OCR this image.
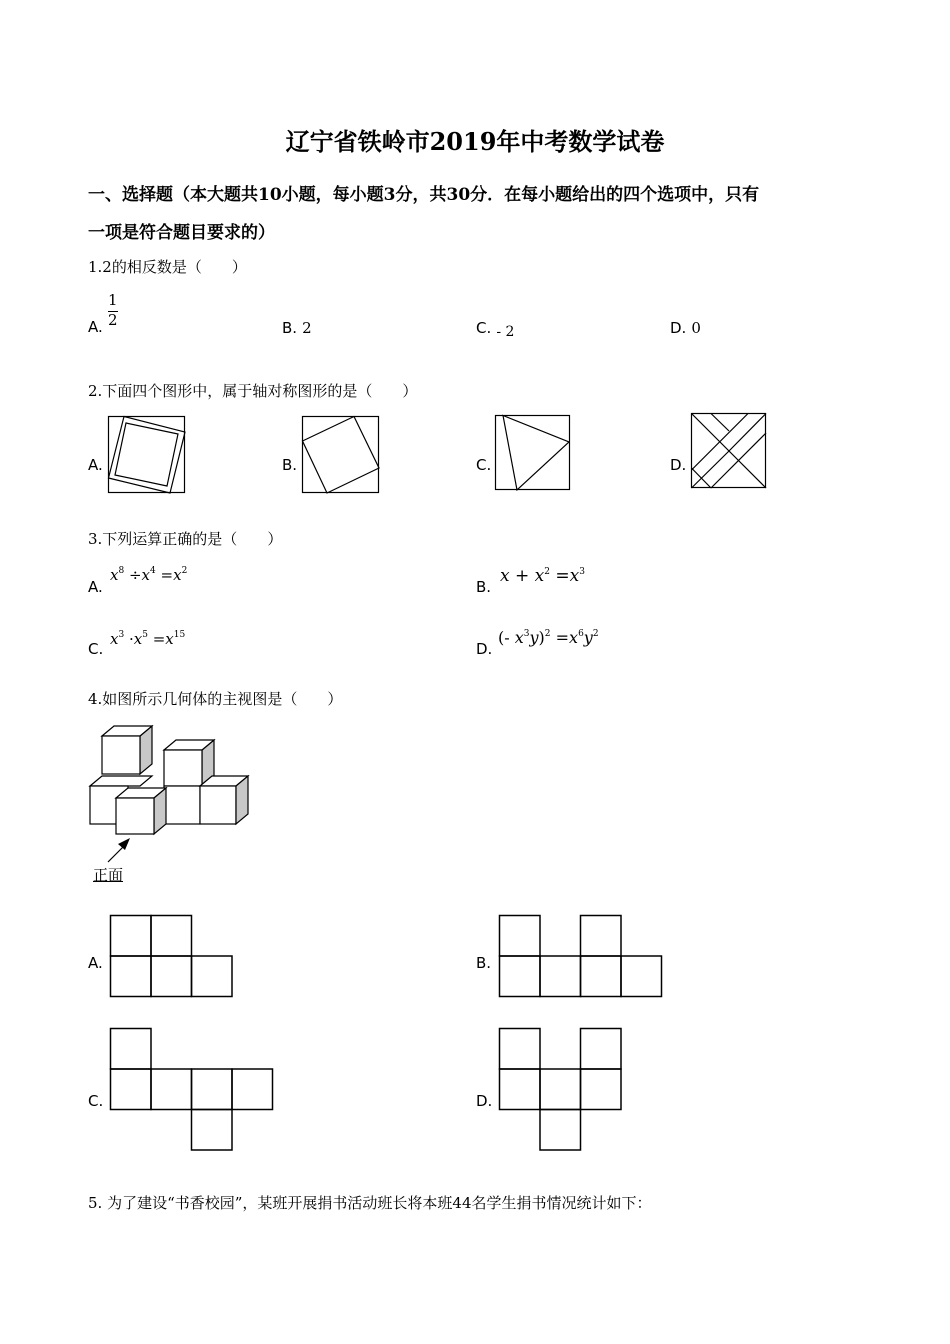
辽宁省铁岭市2019年中考数学试卷
一、选择题（本大题共10小题，每小题3分，共30分．在每小题给出的四个选项中，只有
一项是符合题目要求的）
1.2的相反数是（　　）
A.
1
2	B. 2	C. - 2	D. 0
2.下面四个图形中，属于轴对称图形的是（　　）
A.	B.	C.	D.
3.下列运算正确的是（　　）
A.
$x^8 \div x^4 =x^2$
B.
$x + x^2 =x^3$
C.
$x^3 \cdot x^5 =x^{15}$
D.
(- $x^3y)^2 =x^6y^2$
4.如图所示几何体的主视图是（　　）
正面
A.	B.
C.	D.
5. 为了建设“书香校园”，某班开展捐书活动班长将本班44名学生捐书情况统计如下：
